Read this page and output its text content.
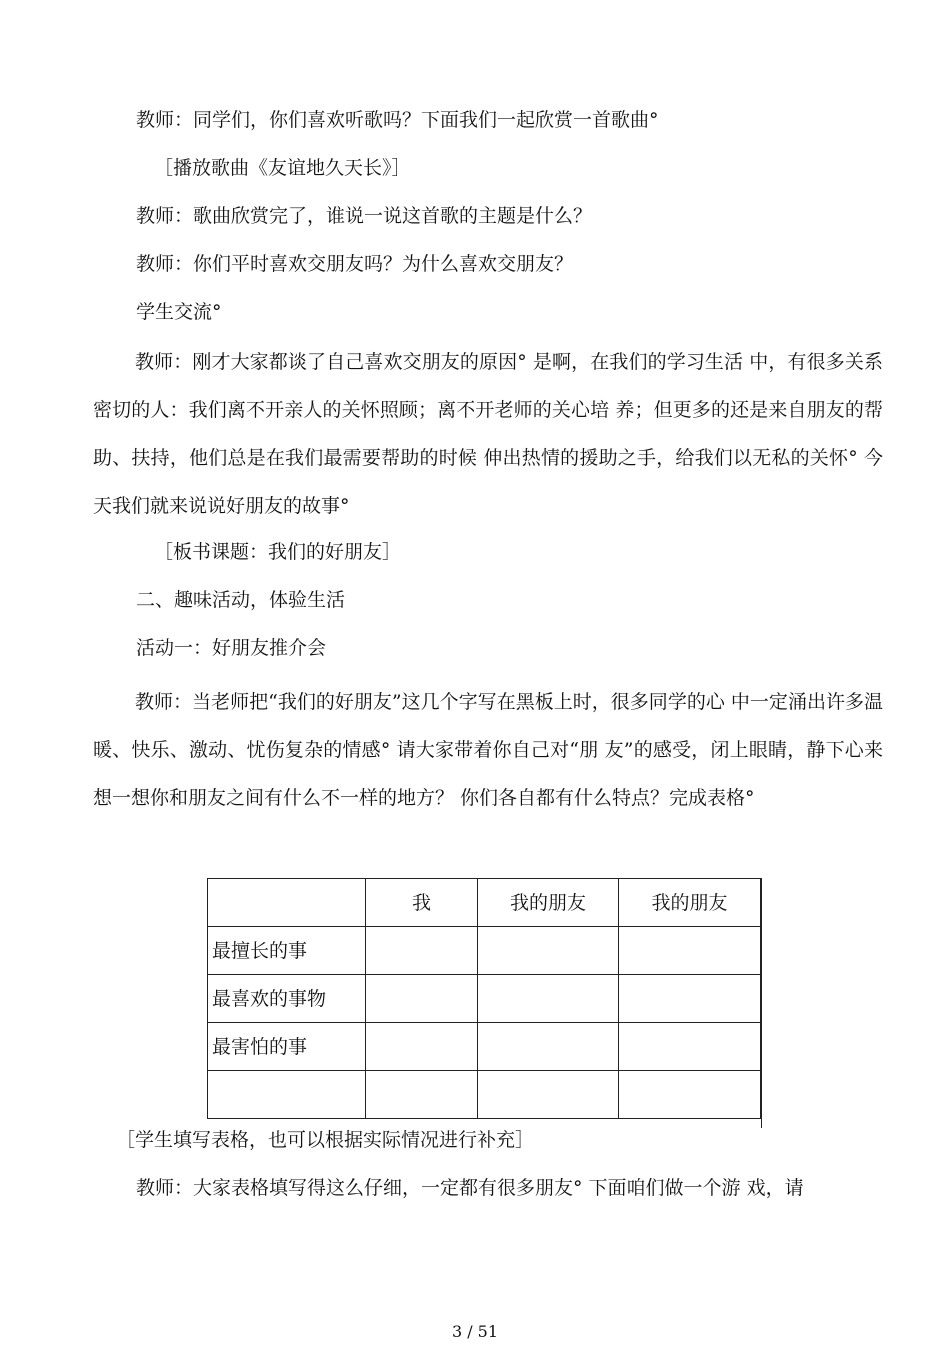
教师：同学们，你们喜欢听歌吗？下面我们一起欣赏一首歌曲°

［播放歌曲《友谊地久天长》］

教师：歌曲欣赏完了，谁说一说这首歌的主题是什么？

教师：你们平时喜欢交朋友吗？为什么喜欢交朋友？

学生交流°

教师：刚才大家都谈了自己喜欢交朋友的原因° 是啊，在我们的学习生活 中，有很多关系密切的人：我们离不开亲人的关怀照顾；离不开老师的关心培 养；但更多的还是来自朋友的帮助、扶持，他们总是在我们最需要帮助的时候 伸出热情的援助之手，给我们以无私的关怀° 今天我们就来说说好朋友的故事°

［板书课题：我们的好朋友］

二、趣味活动，体验生活

活动一：好朋友推介会

教师：当老师把“我们的好朋友”这几个字写在黑板上时，很多同学的心 中一定涌出许多温暖、快乐、激动、忧伤复杂的情感° 请大家带着你自己对“朋 友”的感受，闭上眼睛，静下心来想一想你和朋友之间有什么不一样的地方？ 你们各自都有什么特点？完成表格°

	我	我的朋友	我的朋友
最擅长的事			
最喜欢的事物			
最害怕的事			

［学生填写表格，也可以根据实际情况进行补充］

教师：大家表格填写得这么仔细，一定都有很多朋友° 下面咱们做一个游 戏，请

3 / 51
